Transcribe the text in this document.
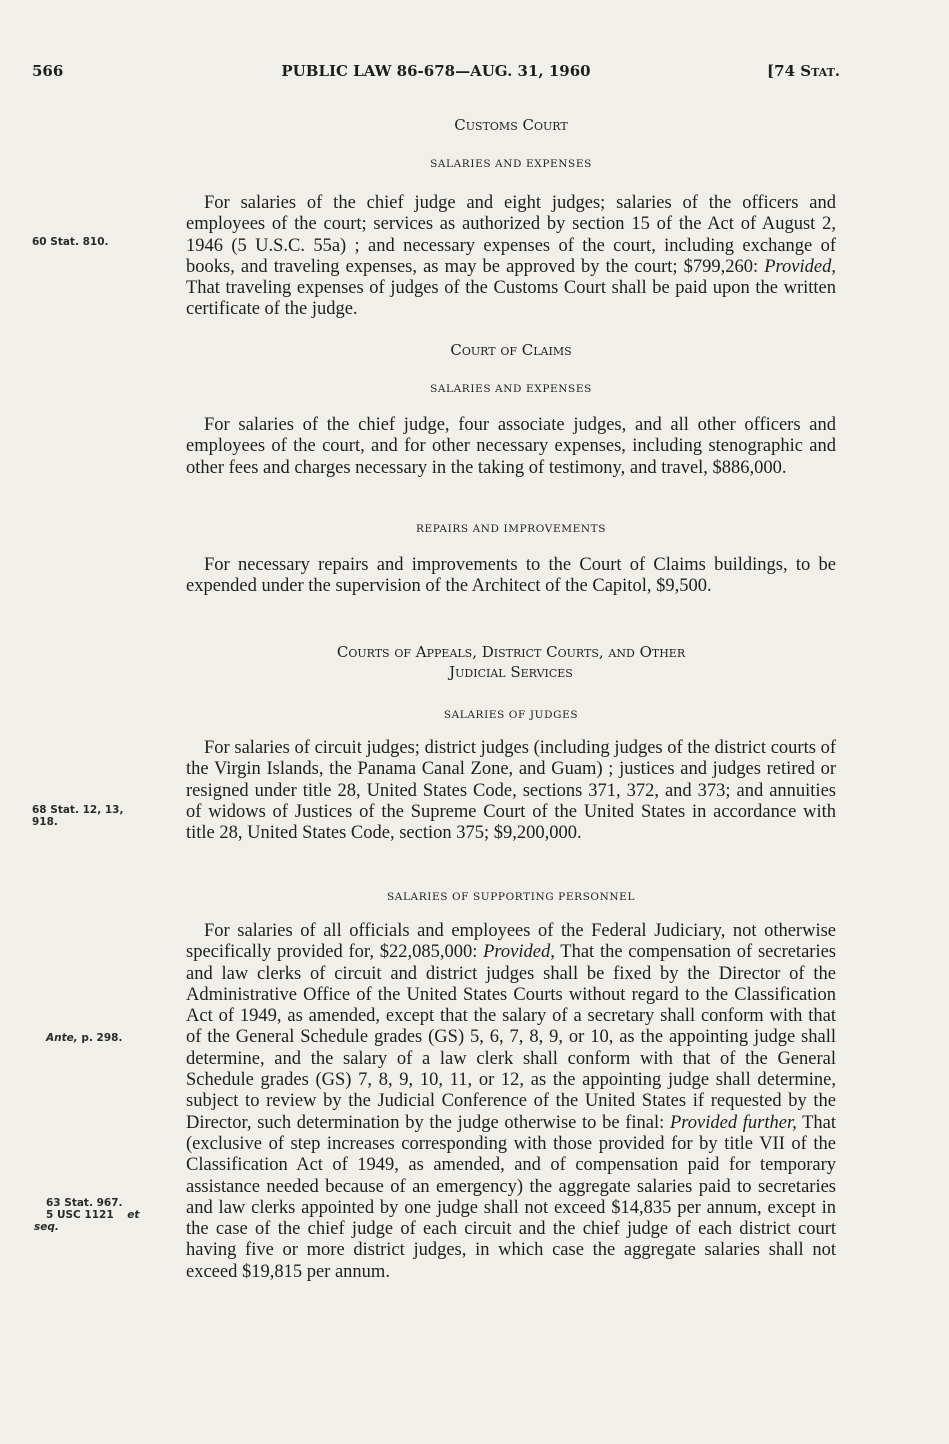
566	PUBLIC LAW 86-678—AUG. 31, 1960	[74 Stat.
Customs Court
SALARIES AND EXPENSES

For salaries of the chief judge and eight judges; salaries of the officers and employees of the court; services as authorized by section 15 of the Act of August 2, 1946 (5 U.S.C. 55a) ; and necessary expenses of the court, including exchange of books, and traveling expenses, as may be approved by the court; $799,260: Provided, That traveling expenses of judges of the Customs Court shall be paid upon the written certificate of the judge.

Court of Claims
SALARIES AND EXPENSES

For salaries of the chief judge, four associate judges, and all other officers and employees of the court, and for other necessary expenses, including stenographic and other fees and charges necessary in the taking of testimony, and travel, $886,000.

REPAIRS AND IMPROVEMENTS

For necessary repairs and improvements to the Court of Claims buildings, to be expended under the supervision of the Architect of the Capitol, $9,500.

Courts of Appeals, District Courts, and Other
Judicial Services
SALARIES OF JUDGES

For salaries of circuit judges; district judges (including judges of the district courts of the Virgin Islands, the Panama Canal Zone, and Guam) ; justices and judges retired or resigned under title 28, United States Code, sections 371, 372, and 373; and annuities of widows of Justices of the Supreme Court of the United States in accordance with title 28, United States Code, section 375; $9,200,000.

SALARIES OF SUPPORTING PERSONNEL

For salaries of all officials and employees of the Federal Judiciary, not otherwise specifically provided for, $22,085,000: Provided, That the compensation of secretaries and law clerks of circuit and district judges shall be fixed by the Director of the Administrative Office of the United States Courts without regard to the Classification Act of 1949, as amended, except that the salary of a secretary shall conform with that of the General Schedule grades (GS) 5, 6, 7, 8, 9, or 10, as the appointing judge shall determine, and the salary of a law clerk shall conform with that of the General Schedule grades (GS) 7, 8, 9, 10, 11, or 12, as the appointing judge shall determine, subject to review by the Judicial Conference of the United States if requested by the Director, such determination by the judge otherwise to be final: Provided further, That (exclusive of step increases corresponding with those provided for by title VII of the Classification Act of 1949, as amended, and of compensation paid for temporary assistance needed because of an emergency) the aggregate salaries paid to secretaries and law clerks appointed by one judge shall not exceed $14,835 per annum, except in the case of the chief judge of each circuit and the chief judge of each district court having five or more district judges, in which case the aggregate salaries shall not exceed $19,815 per annum.

60 Stat. 810.
68 Stat. 12, 13,
918.
Ante, p. 298.
63 Stat. 967.
5 USC 1121 et
seq.
